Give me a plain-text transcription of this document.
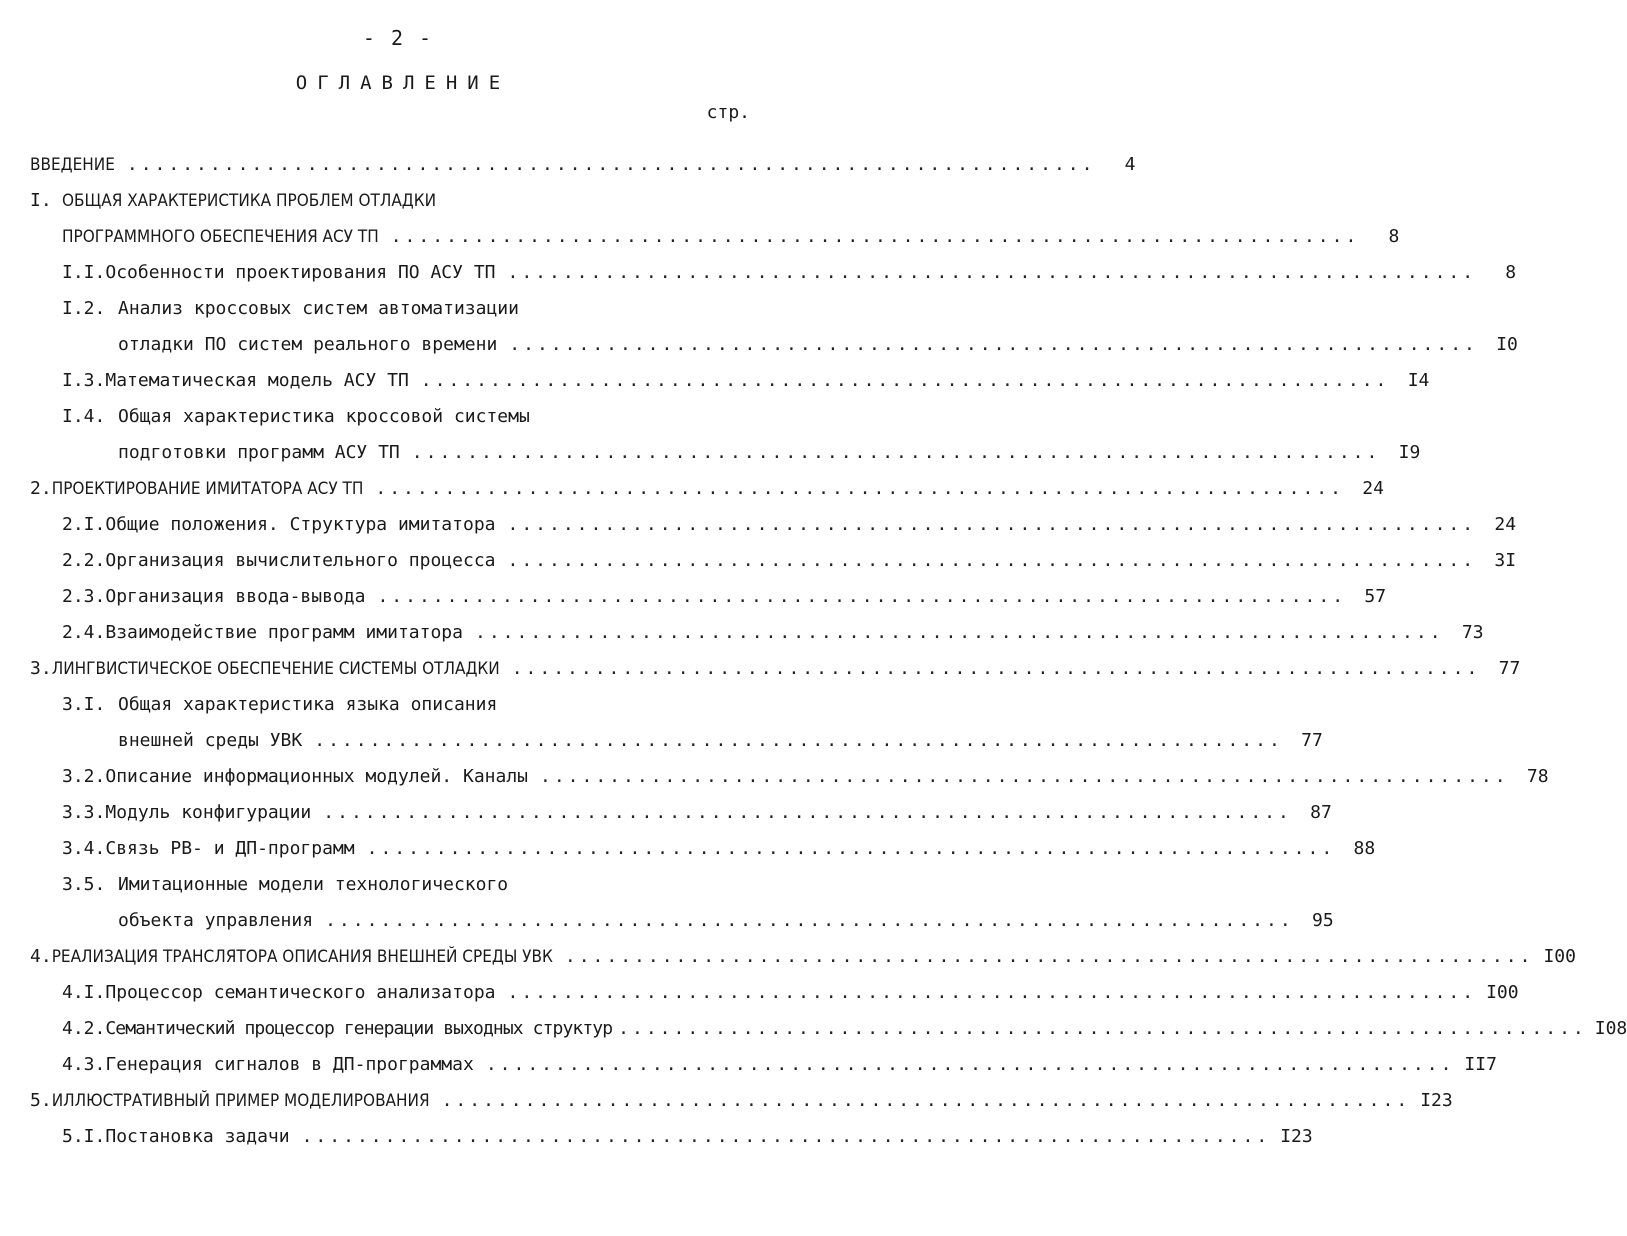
- 2 -
ОГЛАВЛЕНИЕ
стр.
ВВЕДЕНИЕ ......................................................................	4
I. ОБЩАЯ ХАРАКТЕРИСТИКА ПРОБЛЕМ ОТЛАДКИ
ПРОГРАММНОГО ОБЕСПЕЧЕНИЯ АСУ ТП ......................................................................	8
I.I. Особенности проектирования ПО АСУ ТП ......................................................................	8
I.2. Анализ кроссовых систем автоматизации
отладки ПО систем реального времени ......................................................................	I0
I.3. Математическая модель АСУ ТП ......................................................................	I4
I.4. Общая характеристика кроссовой системы
подготовки программ АСУ ТП ......................................................................	I9
2. ПРОЕКТИРОВАНИЕ ИМИТАТОРА АСУ ТП ......................................................................	24
2.I. Общие положения. Структура имитатора ......................................................................	24
2.2. Организация вычислительного процесса ......................................................................	3I
2.3. Организация ввода-вывода ......................................................................	57
2.4. Взаимодействие программ имитатора ......................................................................	73
3. ЛИНГВИСТИЧЕСКОЕ ОБЕСПЕЧЕНИЕ СИСТЕМЫ ОТЛАДКИ ......................................................................	77
3.I. Общая характеристика языка описания
внешней среды УВК ......................................................................	77
3.2. Описание информационных модулей. Каналы ......................................................................	78
3.3. Модуль конфигурации ......................................................................	87
3.4. Связь РВ- и ДП-программ ......................................................................	88
3.5. Имитационные модели технологического
объекта управления ......................................................................	95
4. РЕАЛИЗАЦИЯ ТРАНСЛЯТОРА ОПИСАНИЯ ВНЕШНЕЙ СРЕДЫ УВК ...................................................................... I00
4.I. Процессор семантического анализатора ...................................................................... I00
4.2. Семантический процессор генерации выходных структур ...................................................................... I08
4.3. Генерация сигналов в ДП-программах ...................................................................... II7
5. ИЛЛЮСТРАТИВНЫЙ ПРИМЕР МОДЕЛИРОВАНИЯ ...................................................................... I23
5.I. Постановка задачи ...................................................................... I23
